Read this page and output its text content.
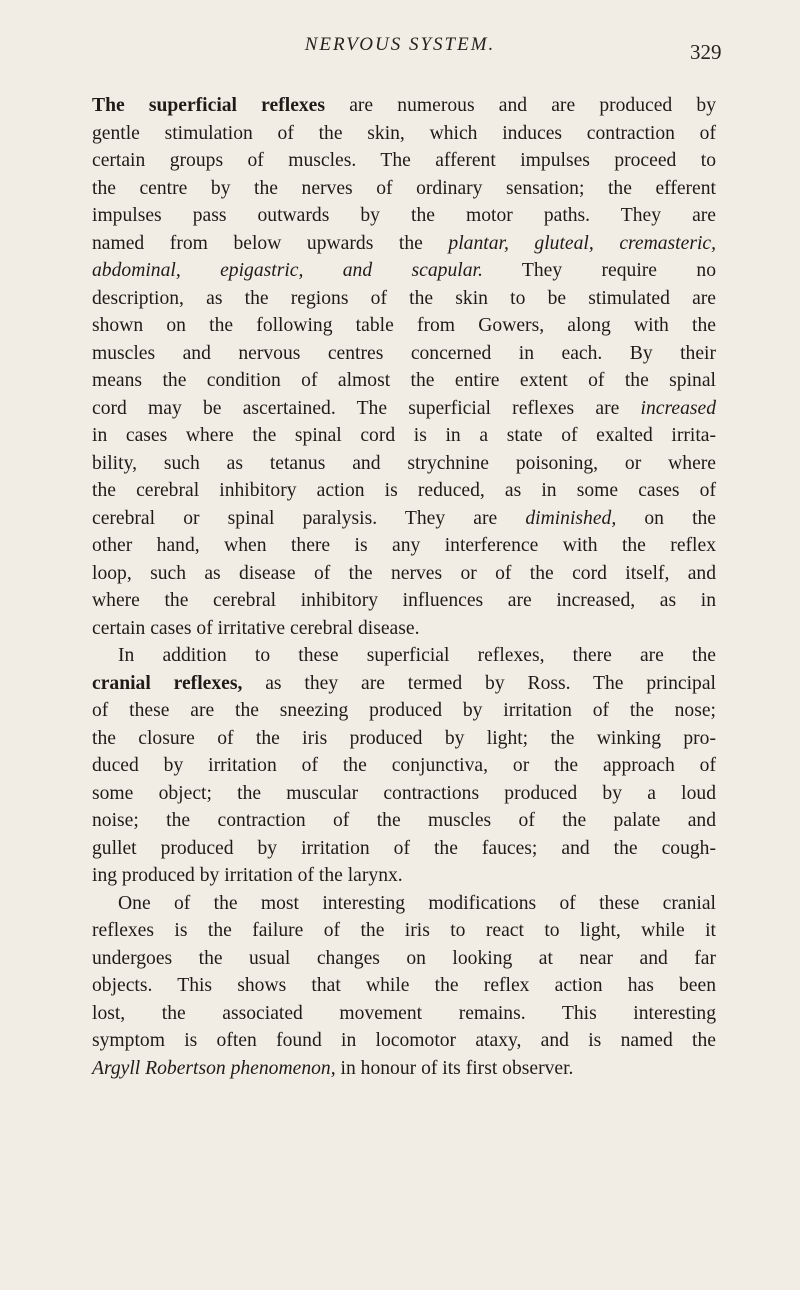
NERVOUS SYSTEM.	329
The superficial reflexes are numerous and are produced by
gentle stimulation of the skin, which induces contraction of
certain groups of muscles. The afferent impulses proceed to
the centre by the nerves of ordinary sensation; the efferent
impulses pass outwards by the motor paths. They are
named from below upwards the plantar, gluteal, cremasteric,
abdominal, epigastric, and scapular. They require no
description, as the regions of the skin to be stimulated are
shown on the following table from Gowers, along with the
muscles and nervous centres concerned in each. By their
means the condition of almost the entire extent of the spinal
cord may be ascertained. The superficial reflexes are increased
in cases where the spinal cord is in a state of exalted irrita-
bility, such as tetanus and strychnine poisoning, or where
the cerebral inhibitory action is reduced, as in some cases of
cerebral or spinal paralysis. They are diminished, on the
other hand, when there is any interference with the reflex
loop, such as disease of the nerves or of the cord itself, and
where the cerebral inhibitory influences are increased, as in
certain cases of irritative cerebral disease.
In addition to these superficial reflexes, there are the
cranial reflexes, as they are termed by Ross. The principal
of these are the sneezing produced by irritation of the nose;
the closure of the iris produced by light; the winking pro-
duced by irritation of the conjunctiva, or the approach of
some object; the muscular contractions produced by a loud
noise; the contraction of the muscles of the palate and
gullet produced by irritation of the fauces; and the cough-
ing produced by irritation of the larynx.
One of the most interesting modifications of these cranial
reflexes is the failure of the iris to react to light, while it
undergoes the usual changes on looking at near and far
objects. This shows that while the reflex action has been
lost, the associated movement remains. This interesting
symptom is often found in locomotor ataxy, and is named the
Argyll Robertson phenomenon, in honour of its first observer.
